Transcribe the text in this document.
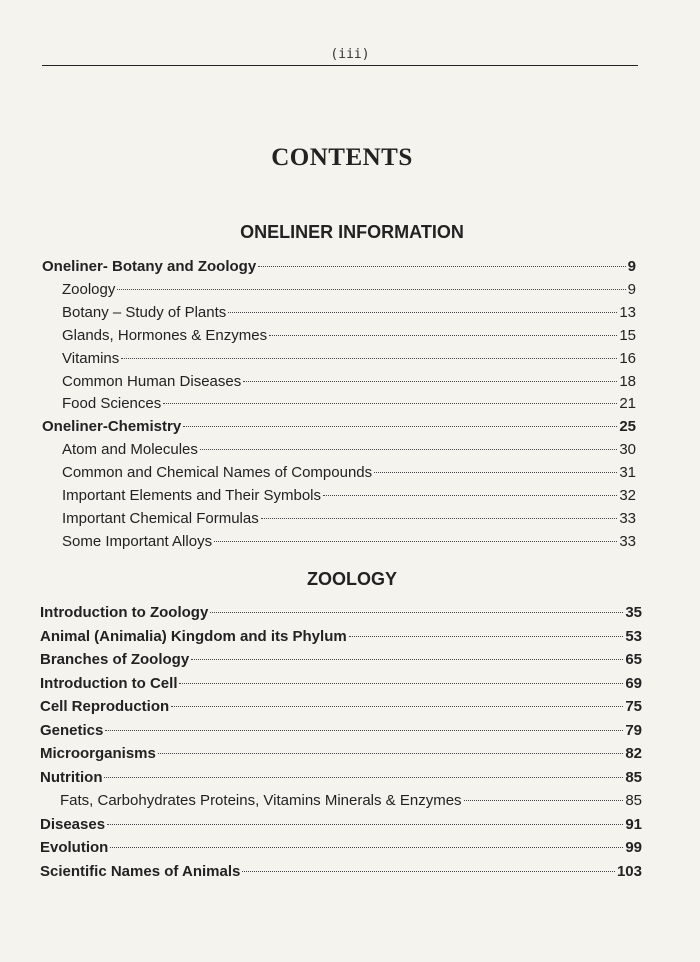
(iii)
CONTENTS
ONELINER INFORMATION
Oneliner- Botany and Zoology	9
Zoology	9
Botany – Study of Plants	13
Glands, Hormones & Enzymes	15
Vitamins	16
Common Human Diseases	18
Food Sciences	21
Oneliner-Chemistry	25
Atom and Molecules	30
Common and Chemical Names of Compounds	31
Important Elements and Their Symbols	32
Important Chemical Formulas	33
Some Important Alloys	33
ZOOLOGY
Introduction to Zoology	35
Animal (Animalia) Kingdom and its Phylum	53
Branches of Zoology	65
Introduction to Cell	69
Cell Reproduction	75
Genetics	79
Microorganisms	82
Nutrition	85
Fats, Carbohydrates Proteins, Vitamins Minerals & Enzymes	85
Diseases	91
Evolution	99
Scientific Names of Animals	103
